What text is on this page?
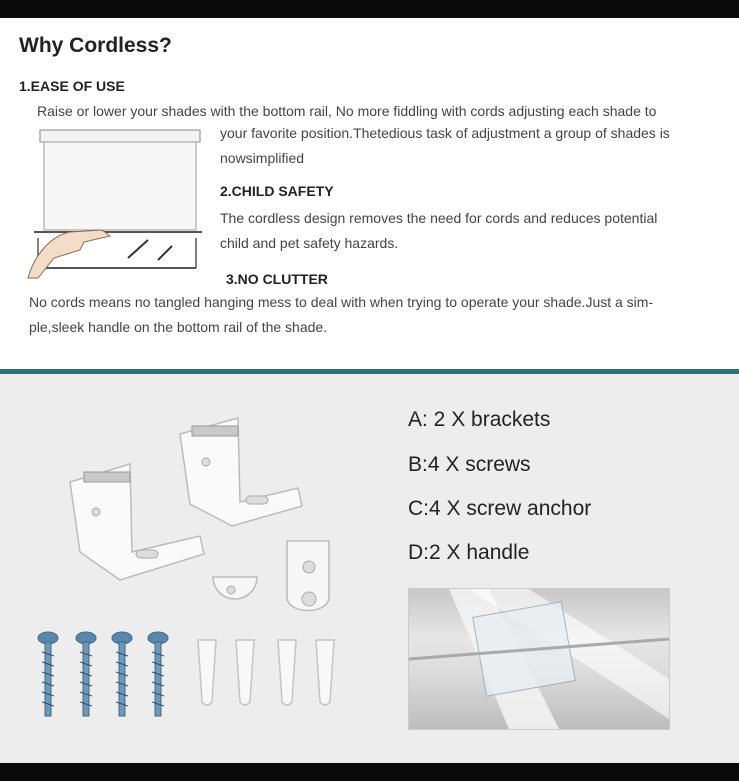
Why Cordless?
1.EASE OF USE
Raise or lower your shades with the bottom rail, No more fiddling with cords adjusting each shade to
your favorite position.Thetedious task of adjustment a group of shades is
nowsimplified
2.CHILD SAFETY
The cordless design removes the need for cords and reduces potential
child and pet safety hazards.
3.NO CLUTTER
No cords means no tangled hanging mess to deal with when trying to operate your shade.Just a sim-
ple,sleek handle on the bottom rail of the shade.
A: 2 X brackets
B:4 X screws
C:4 X screw anchor
D:2 X handle
